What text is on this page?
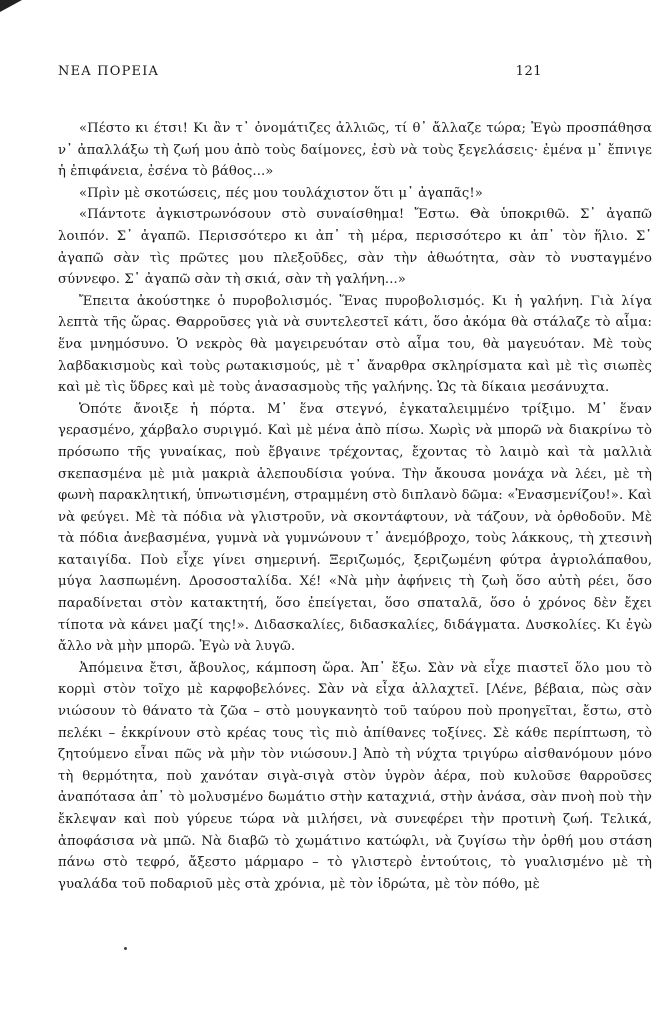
ΝΕΑ ΠΟΡΕΙΑ	121

«Πέστο κι έτσι! Κι ἂν τ᾽ ὀνομάτιζες ἀλλιῶς, τί θ᾽ ἄλλαζε τώρα; Ἐγὼ προσπάθησα ν᾽ ἀπαλλάξω τὴ ζωή μου ἀπὸ τοὺς δαίμονες, ἐσὺ νὰ τοὺς ξεγελάσεις· ἐμένα μ᾽ ἔπνιγε ἡ ἐπιφάνεια, ἐσένα τὸ βάθος...»

«Πρὶν μὲ σκοτώσεις, πές μου τουλάχιστον ὅτι μ᾽ ἀγαπᾶς!»

«Πάντοτε ἀγκιστρωνόσουν στὸ συναίσθημα! Ἔστω. Θὰ ὑποκριθῶ. Σ᾽ ἀγαπῶ λοιπόν. Σ᾽ ἀγαπῶ. Περισσότερο κι ἀπ᾽ τὴ μέρα, περισσότερο κι ἀπ᾽ τὸν ἥλιο. Σ᾽ ἀγαπῶ σὰν τὶς πρῶτες μου πλεξοῦδες, σὰν τὴν ἀθωότητα, σὰν τὸ νυσταγμένο σύννεφο. Σ᾽ ἀγαπῶ σὰν τὴ σκιά, σὰν τὴ γαλήνη...»

Ἔπειτα ἀκούστηκε ὁ πυροβολισμός. Ἕνας πυροβολισμός. Κι ἡ γαλήνη. Γιὰ λίγα λεπτὰ τῆς ὥρας. Θαρροῦσες γιὰ νὰ συντελεστεῖ κάτι, ὅσο ἀκόμα θὰ στάλαζε τὸ αἷμα: ἕνα μνημόσυνο. Ὁ νεκρὸς θὰ μαγειρευόταν στὸ αἷμα του, θὰ μαγευόταν. Μὲ τοὺς λαβδακισμοὺς καὶ τοὺς ρωτακισμούς, μὲ τ᾽ ἄναρθρα σκληρίσματα καὶ μὲ τὶς σιωπὲς καὶ μὲ τὶς ὕδρες καὶ μὲ τοὺς ἀνασασμοὺς τῆς γαλήνης. Ὡς τὰ δίκαια μεσάνυχτα.

Ὁπότε ἄνοιξε ἡ πόρτα. Μ᾽ ἕνα στεγνό, ἐγκαταλειμμένο τρίξιμο. Μ᾽ ἕναν γερασμένο, χάρβαλο συριγμό. Καὶ μὲ μένα ἀπὸ πίσω. Χωρὶς νὰ μπορῶ νὰ διακρίνω τὸ πρόσωπο τῆς γυναίκας, ποὺ ἔβγαινε τρέχοντας, ἔχοντας τὸ λαιμὸ καὶ τὰ μαλλιὰ σκεπασμένα μὲ μιὰ μακριὰ ἀλεπουδίσια γούνα. Τὴν ἄκουσα μονάχα νὰ λέει, μὲ τὴ φωνὴ παρακλητική, ὑπνωτισμένη, στραμμένη στὸ διπλανὸ δῶμα: «Ἐνασμενίζου!». Καὶ νὰ φεύγει. Μὲ τὰ πόδια νὰ γλιστροῦν, νὰ σκοντάφτουν, νὰ τάζουν, νὰ ὀρθοδοῦν. Μὲ τὰ πόδια ἀνεβασμένα, γυμνὰ νὰ γυμνώνουν τ᾽ ἀνεμόβροχο, τοὺς λάκκους, τὴ χτεσινὴ καταιγίδα. Ποὺ εἶχε γίνει σημερινή. Ξεριζωμός, ξεριζωμένη φύτρα ἀγριολάπαθου, μύγα λασπωμένη. Δροσοσταλίδα. Χέ! «Νὰ μὴν ἀφήνεις τὴ ζωὴ ὅσο αὐτὴ ρέει, ὅσο παραδίνεται στὸν κατακτητή, ὅσο ἐπείγεται, ὅσο σπαταλᾶ, ὅσο ὁ χρόνος δὲν ἔχει τίποτα νὰ κάνει μαζί της!». Διδασκαλίες, διδασκαλίες, διδάγματα. Δυσκολίες. Κι ἐγὼ ἄλλο νὰ μὴν μπορῶ. Ἐγὼ νὰ λυγῶ.

Ἀπόμεινα ἔτσι, ἄβουλος, κάμποση ὥρα. Ἀπ᾽ ἔξω. Σὰν νὰ εἶχε πιαστεῖ ὅλο μου τὸ κορμὶ στὸν τοῖχο μὲ καρφοβελόνες. Σὰν νὰ εἶχα ἀλλαχτεῖ. [Λένε, βέβαια, πὼς σὰν νιώσουν τὸ θάνατο τὰ ζῶα – στὸ μουγκανητὸ τοῦ ταύρου ποὺ προηγεῖται, ἔστω, στὸ πελέκι – ἐκκρίνουν στὸ κρέας τους τὶς πιὸ ἀπίθανες τοξίνες. Σὲ κάθε περίπτωση, τὸ ζητούμενο εἶναι πῶς νὰ μὴν τὸν νιώσουν.] Ἀπὸ τὴ νύχτα τριγύρω αἰσθανόμουν μόνο τὴ θερμότητα, ποὺ χανόταν σιγὰ-σιγὰ στὸν ὑγρὸν ἀέρα, ποὺ κυλοῦσε θαρροῦσες ἀναπότασα ἀπ᾽ τὸ μολυσμένο δωμάτιο στὴν καταχνιά, στὴν ἀνάσα, σὰν πνοὴ ποὺ τὴν ἔκλεψαν καὶ ποὺ γύρευε τώρα νὰ μιλήσει, νὰ συνεφέρει τὴν προτινὴ ζωή. Τελικά, ἀποφάσισα νὰ μπῶ. Νὰ διαβῶ τὸ χωμάτινο κατώφλι, νὰ ζυγίσω τὴν ὀρθή μου στάση πάνω στὸ τεφρό, ἄξεστο μάρμαρο – τὸ γλιστερὸ ἐντούτοις, τὸ γυαλισμένο μὲ τὴ γυαλάδα τοῦ ποδαριοῦ μὲς στὰ χρόνια, μὲ τὸν ἱδρώτα, μὲ τὸν πόθο, μὲ
